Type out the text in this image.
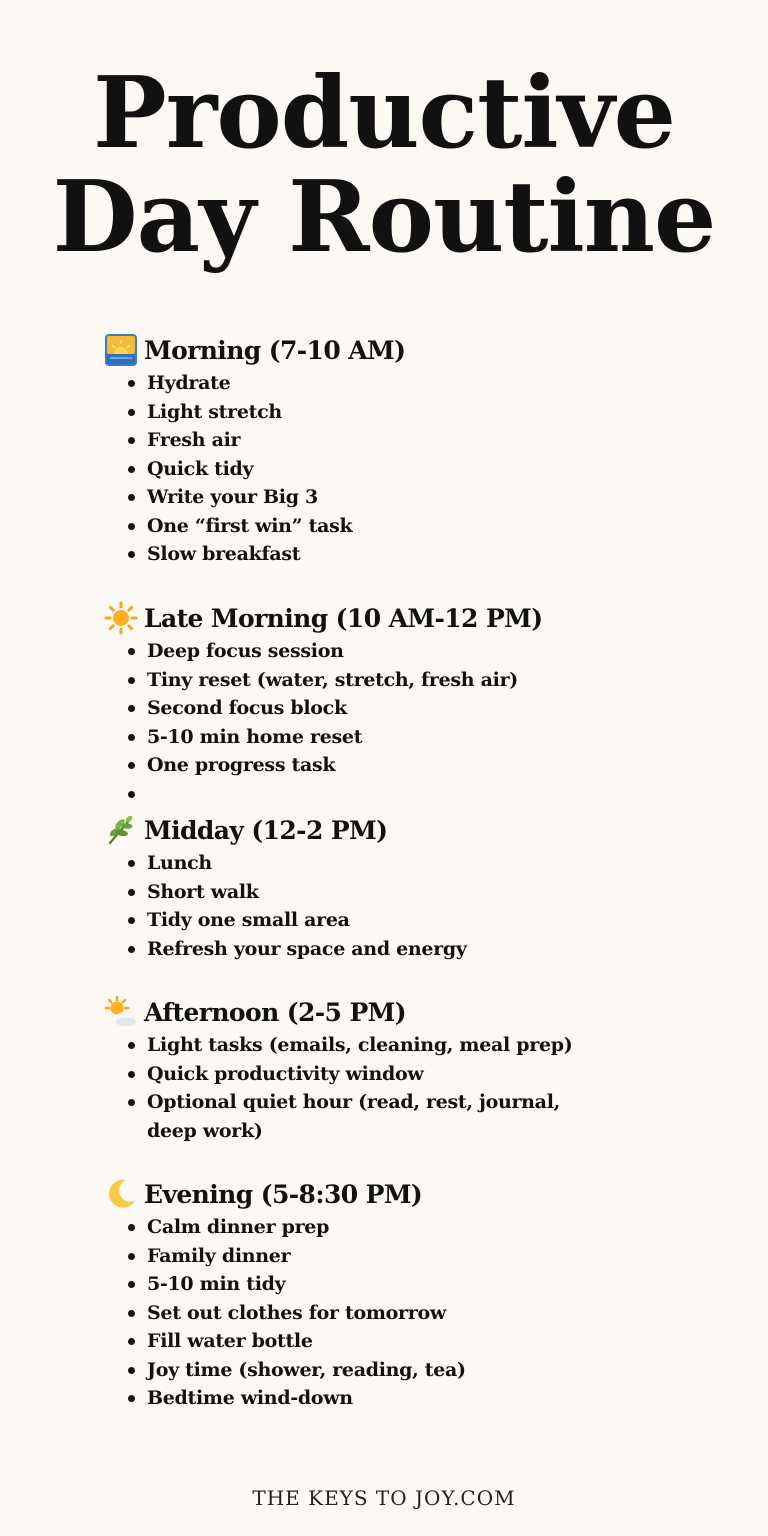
Productive
Day Routine
Morning (7-10 AM)
Hydrate
Light stretch
Fresh air
Quick tidy
Write your Big 3
One “first win” task
Slow breakfast
Late Morning (10 AM-12 PM)
Deep focus session
Tiny reset (water, stretch, fresh air)
Second focus block
5-10 min home reset
One progress task
Midday (12-2 PM)
Lunch
Short walk
Tidy one small area
Refresh your space and energy
Afternoon (2-5 PM)
Light tasks (emails, cleaning, meal prep)
Quick productivity window
Optional quiet hour (read, rest, journal, deep work)
Evening (5-8:30 PM)
Calm dinner prep
Family dinner
5-10 min tidy
Set out clothes for tomorrow
Fill water bottle
Joy time (shower, reading, tea)
Bedtime wind-down
THE KEYS TO JOY.COM
